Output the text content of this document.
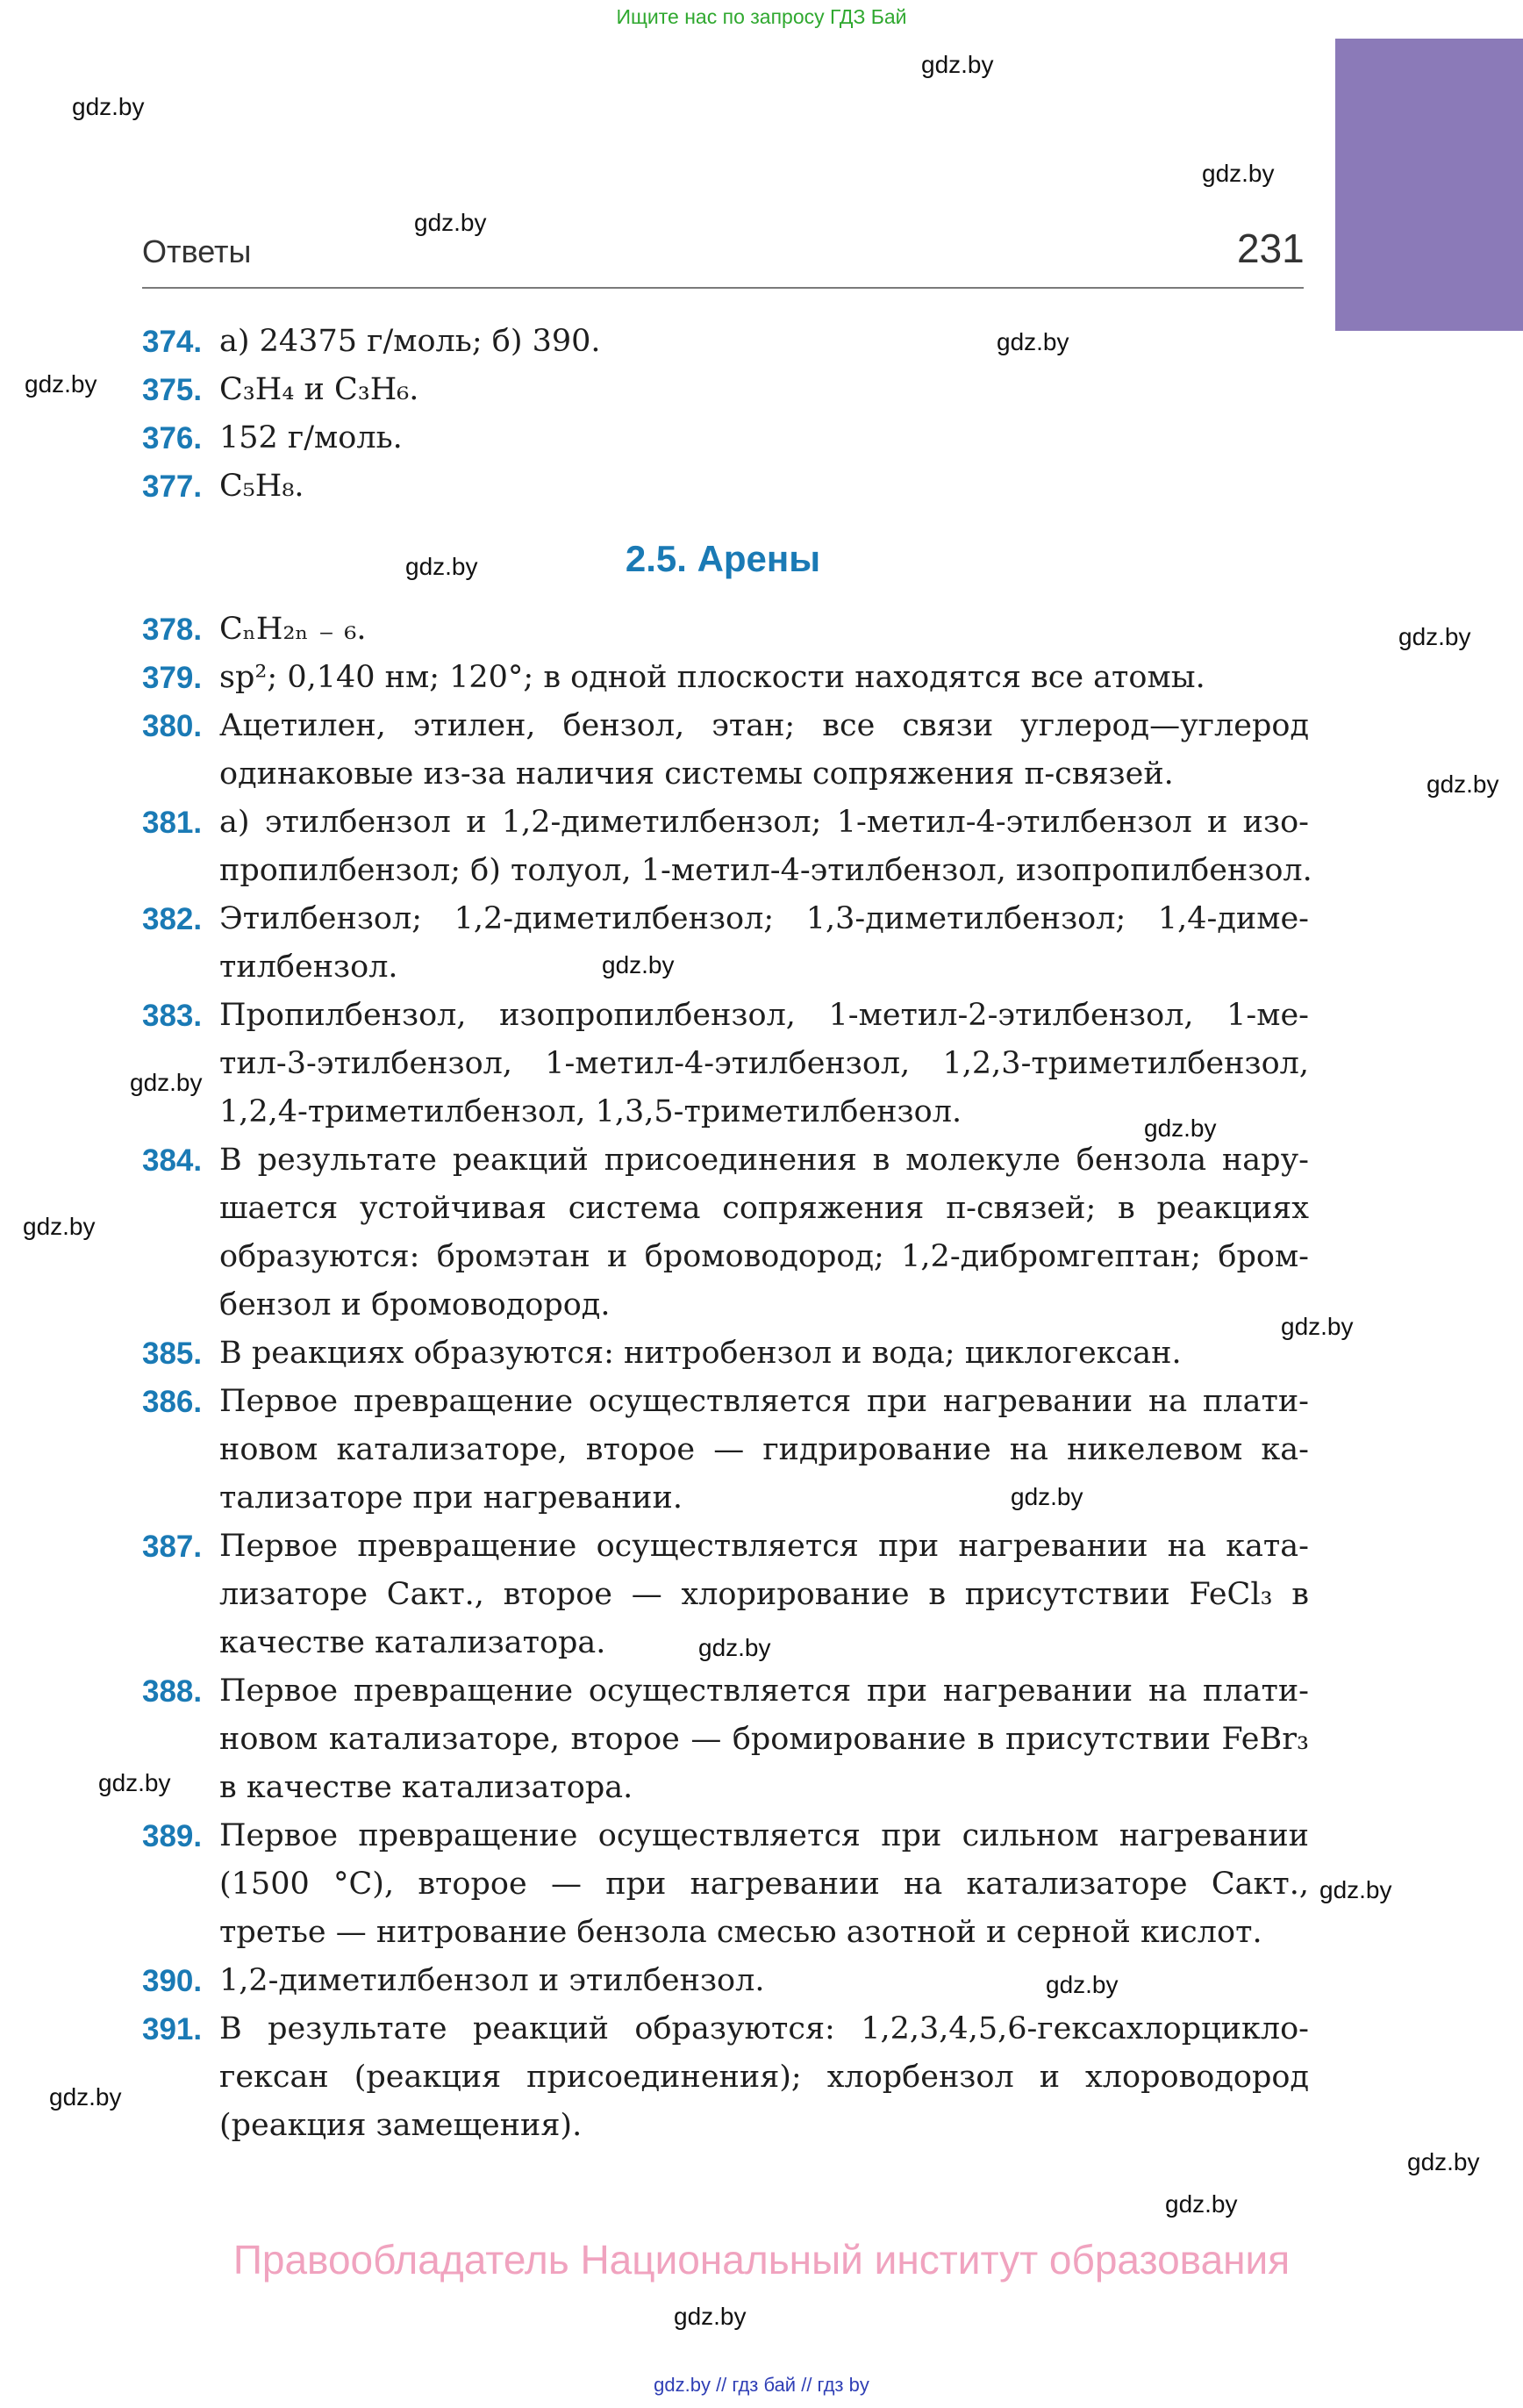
Ищите нас по запросу ГДЗ Бай
gdz.by
gdz.by
gdz.by
gdz.by
gdz.by
gdz.by
gdz.by
gdz.by
gdz.by
gdz.by
gdz.by
gdz.by
gdz.by
gdz.by
gdz.by
gdz.by
gdz.by
gdz.by
gdz.by
gdz.by
gdz.by
gdz.by
gdz.by
Ответы	231
374. а) 24375 г/моль; б) 390.
375. C₃H₄ и C₃H₆.
376. 152 г/моль.
377. C₅H₈.
2.5. Арены
378. CₙH₂ₙ ₋ ₆.
379. sp²; 0,140 нм; 120°; в одной плоскости находятся все атомы.
380. Ацетилен, этилен, бензол, этан; все связи углерод—углерод
одинаковые из-за наличия системы сопряжения π-связей.
381. а) этилбензол и 1,2-диметилбензол; 1-метил-4-этилбензол и изо-
пропилбензол; б) толуол, 1-метил-4-этилбензол, изопропилбензол.
382. Этилбензол; 1,2-диметилбензол; 1,3-диметилбензол; 1,4-диме-
тилбензол.
383. Пропилбензол, изопропилбензол, 1-метил-2-этилбензол, 1-ме-
тил-3-этилбензол, 1-метил-4-этилбензол, 1,2,3-триметилбензол,
1,2,4-триметилбензол, 1,3,5-триметилбензол.
384. В результате реакций присоединения в молекуле бензола нару-
шается устойчивая система сопряжения π-связей; в реакциях
образуются: бромэтан и бромоводород; 1,2-дибромгептан; бром-
бензол и бромоводород.
385. В реакциях образуются: нитробензол и вода; циклогексан.
386. Первое превращение осуществляется при нагревании на плати-
новом катализаторе, второе — гидрирование на никелевом ка-
тализаторе при нагревании.
387. Первое превращение осуществляется при нагревании на ката-
лизаторе Cакт., второе — хлорирование в присутствии FeCl₃ в
качестве катализатора.
388. Первое превращение осуществляется при нагревании на плати-
новом катализаторе, второе — бромирование в присутствии FeBr₃
в качестве катализатора.
389. Первое превращение осуществляется при сильном нагревании
(1500 °C), второе — при нагревании на катализаторе Cакт.,
третье — нитрование бензола смесью азотной и серной кислот.
390. 1,2-диметилбензол и этилбензол.
391. В результате реакций образуются: 1,2,3,4,5,6-гексахлорцикло-
гексан (реакция присоединения); хлорбензол и хлороводород
(реакция замещения).
Правообладатель Национальный институт образования
gdz.by // гдз бай // гдз by
